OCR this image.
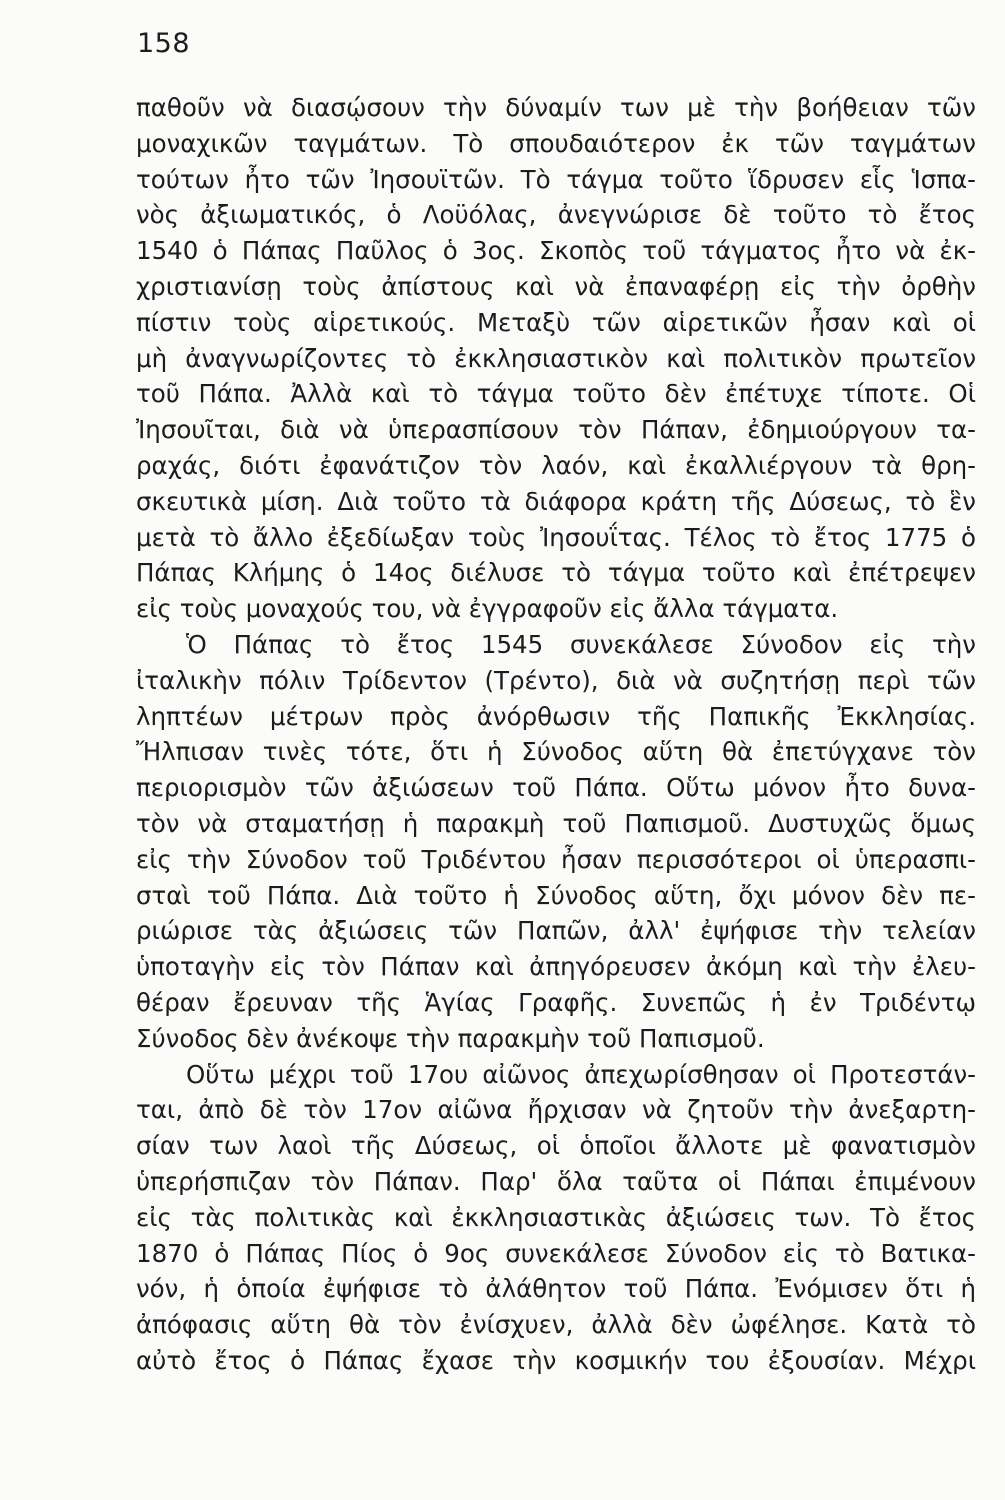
158
παθοῦν νὰ διασῴσουν τὴν δύναμίν των μὲ τὴν βοήθειαν τῶν
μοναχικῶν ταγμάτων. Τὸ σπουδαιότερον ἐκ τῶν ταγμάτων
τούτων ἦτο τῶν Ἰησουϊτῶν. Τὸ τάγμα τοῦτο ἵδρυσεν εἷς Ἱσπα-
νὸς ἀξιωματικός, ὁ Λοϋόλας, ἀνεγνώρισε δὲ τοῦτο τὸ ἔτος
1540 ὁ Πάπας Παῦλος ὁ 3ος. Σκοπὸς τοῦ τάγματος ἦτο νὰ ἐκ-
χριστιανίσῃ τοὺς ἀπίστους καὶ νὰ ἐπαναφέρῃ εἰς τὴν ὀρθὴν
πίστιν τοὺς αἱρετικούς. Μεταξὺ τῶν αἱρετικῶν ἦσαν καὶ οἱ
μὴ ἀναγνωρίζοντες τὸ ἐκκλησιαστικὸν καὶ πολιτικὸν πρωτεῖον
τοῦ Πάπα. Ἀλλὰ καὶ τὸ τάγμα τοῦτο δὲν ἐπέτυχε τίποτε. Οἱ
Ἰησουῖται, διὰ νὰ ὑπερασπίσουν τὸν Πάπαν, ἐδημιούργουν τα-
ραχάς, διότι ἐφανάτιζον τὸν λαόν, καὶ ἐκαλλιέργουν τὰ θρη-
σκευτικὰ μίση. Διὰ τοῦτο τὰ διάφορα κράτη τῆς Δύσεως, τὸ ἓν
μετὰ τὸ ἄλλο ἐξεδίωξαν τοὺς Ἰησουΐτας. Τέλος τὸ ἔτος 1775 ὁ
Πάπας Κλήμης ὁ 14ος διέλυσε τὸ τάγμα τοῦτο καὶ ἐπέτρεψεν
εἰς τοὺς μοναχούς του, νὰ ἐγγραφοῦν εἰς ἄλλα τάγματα.
Ὁ Πάπας τὸ ἔτος 1545 συνεκάλεσε Σύνοδον εἰς τὴν
ἰταλικὴν πόλιν Τρίδεντον (Τρέντο), διὰ νὰ συζητήσῃ περὶ τῶν
ληπτέων μέτρων πρὸς ἀνόρθωσιν τῆς Παπικῆς Ἐκκλησίας.
Ἤλπισαν τινὲς τότε, ὅτι ἡ Σύνοδος αὕτη θὰ ἐπετύγχανε τὸν
περιορισμὸν τῶν ἀξιώσεων τοῦ Πάπα. Οὕτω μόνον ἦτο δυνα-
τὸν νὰ σταματήσῃ ἡ παρακμὴ τοῦ Παπισμοῦ. Δυστυχῶς ὅμως
εἰς τὴν Σύνοδον τοῦ Τριδέντου ἦσαν περισσότεροι οἱ ὑπερασπι-
σταὶ τοῦ Πάπα. Διὰ τοῦτο ἡ Σύνοδος αὕτη, ὄχι μόνον δὲν πε-
ριώρισε τὰς ἀξιώσεις τῶν Παπῶν, ἀλλ' ἐψήφισε τὴν τελείαν
ὑποταγὴν εἰς τὸν Πάπαν καὶ ἀπηγόρευσεν ἀκόμη καὶ τὴν ἐλευ-
θέραν ἔρευναν τῆς Ἁγίας Γραφῆς. Συνεπῶς ἡ ἐν Τριδέντῳ
Σύνοδος δὲν ἀνέκοψε τὴν παρακμὴν τοῦ Παπισμοῦ.
Οὕτω μέχρι τοῦ 17ου αἰῶνος ἀπεχωρίσθησαν οἱ Προτεστάν-
ται, ἀπὸ δὲ τὸν 17ον αἰῶνα ἤρχισαν νὰ ζητοῦν τὴν ἀνεξαρτη-
σίαν των λαοὶ τῆς Δύσεως, οἱ ὁποῖοι ἄλλοτε μὲ φανατισμὸν
ὑπερήσπιζαν τὸν Πάπαν. Παρ' ὅλα ταῦτα οἱ Πάπαι ἐπιμένουν
εἰς τὰς πολιτικὰς καὶ ἐκκλησιαστικὰς ἀξιώσεις των. Τὸ ἔτος
1870 ὁ Πάπας Πίος ὁ 9ος συνεκάλεσε Σύνοδον εἰς τὸ Βατικα-
νόν, ἡ ὁποία ἐψήφισε τὸ ἀλάθητον τοῦ Πάπα. Ἐνόμισεν ὅτι ἡ
ἀπόφασις αὕτη θὰ τὸν ἐνίσχυεν, ἀλλὰ δὲν ὠφέλησε. Κατὰ τὸ
αὐτὸ ἔτος ὁ Πάπας ἔχασε τὴν κοσμικήν του ἐξουσίαν. Μέχρι
